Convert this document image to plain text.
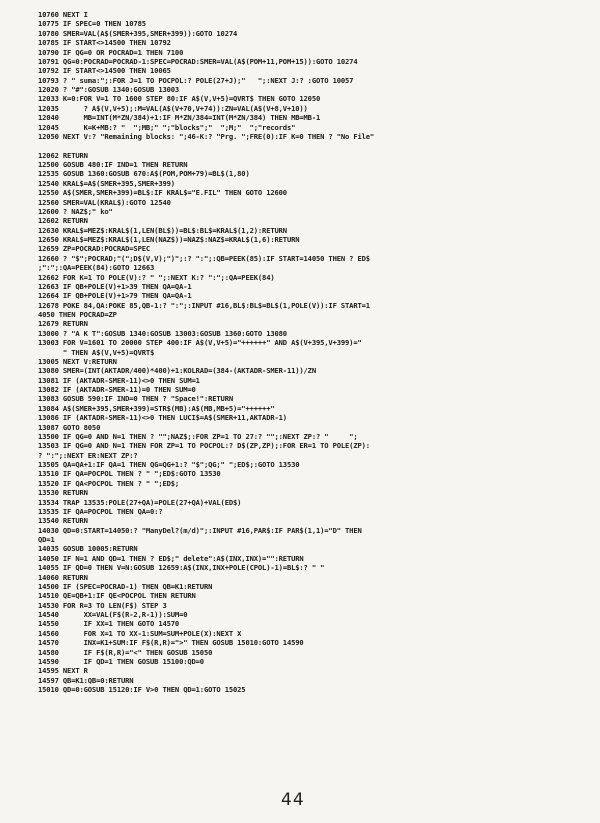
10760 NEXT I
10775 IF SPEC=0 THEN 10785
10780 SMER=VAL(A$(SMER+395,SMER+399)):GOTO 10274
10785 IF START<>14500 THEN 10792
10790 IF QG=0 OR POCRAD=1 THEN 7100
10791 QG=0:POCRAD=POCRAD-1:SPEC=POCRAD:SMER=VAL(A$(POM+11,POM+15)):GOTO 10274
10792 IF START<>14500 THEN 10065
10793 ? " suma:";:FOR J=1 TO POCPOL:? POLE(27+J);"   ";:NEXT J:? :GOTO 10057
12020 ? "#":GOSUB 1340:GOSUB 13003
12033 K=0:FOR V=1 TO 1600 STEP 80:IF A$(V,V+5)=QVRT$ THEN GOTO 12050
12035      ? A$(V,V+5);:M=VAL(A$(V+70,V+74)):ZN=VAL(A$(V+8,V+10))
12040      MB=INT(M*ZN/384)+1:IF M*ZN/384=INT(M*ZN/384) THEN MB=MB-1
12045      K=K+MB:? "  ";MB;" ";"blocks";"  ";M;"  ";"records"
12050 NEXT V:? "Remaining blocks: ";46-K:? "Prg. ";FRE(0):IF K=0 THEN ? "No File"
12062 RETURN
12500 GOSUB 480:IF IND=1 THEN RETURN
12535 GOSUB 1360:GOSUB 670:A$(POM,POM+79)=BL$(1,80)
12540 KRAL$=A$(SMER+395,SMER+399)
12550 A$(SMER,SMER+399)=BL$:IF KRAL$="E.FIL" THEN GOTO 12600
12560 SMER=VAL(KRAL$):GOTO 12540
12600 ? NAZ$;" ko"
12602 RETURN
12630 KRAL$=MEZ$:KRAL$(1,LEN(BL$))=BL$:BL$=KRAL$(1,2):RETURN
12650 KRAL$=MEZ$:KRAL$(1,LEN(NAZ$))=NAZ$:NAZ$=KRAL$(1,6):RETURN
12659 ZP=POCRAD:POCRAD=SPEC
12660 ? "$";POCRAD;"(";D$(V,V);")";:? ":";:QB=PEEK(85):IF START=14050 THEN ? ED$
;":";:QA=PEEK(84):GOTO 12663
12662 FOR K=1 TO POLE(V):? " ";:NEXT K:? ":";:QA=PEEK(84)
12663 IF QB+POLE(V)+1>39 THEN QA=QA-1
12664 IF QB+POLE(V)+1>79 THEN QA=QA-1
12678 POKE 84,QA:POKE 85,QB-1:? ":";:INPUT #16,BL$:BL$=BL$(1,POLE(V)):IF START=1
4050 THEN POCRAD=ZP
12679 RETURN
13000 ? "A K T":GOSUB 1340:GOSUB 13003:GOSUB 1360:GOTO 13080
13003 FOR V=1601 TO 20000 STEP 400:IF A$(V,V+5)="++++++" AND A$(V+395,V+399)="
" THEN A$(V,V+5)=QVRT$
13005 NEXT V:RETURN
13080 SMER=(INT(AKTADR/400)*400)+1:KOLRAD=(384-(AKTADR-SMER-11))/ZN
13081 IF (AKTADR-SMER-11)<>0 THEN SUM=1
13082 IF (AKTADR-SMER-11)=0 THEN SUM=0
13083 GOSUB 590:IF IND=0 THEN ? "Space!":RETURN
13084 A$(SMER+395,SMER+399)=STR$(MB):A$(MB,MB+5)="++++++"
13086 IF (AKTADR-SMER-11)<>0 THEN LUCI$=A$(SMER+11,AKTADR-1)
13087 GOTO 8050
13500 IF QG=0 AND N=1 THEN ? "";NAZ$;:FOR ZP=1 TO 27:? "";:NEXT ZP:? "     ";
13503 IF QG=0 AND N=1 THEN FOR ZP=1 TO POCPOL:? D$(ZP,ZP);:FOR ER=1 TO POLE(ZP):
? ":";:NEXT ER:NEXT ZP:?
13505 QA=QA+1:IF QA=1 THEN QG=QG+1:? "$";QG;" ";ED$;:GOTO 13530
13510 IF QA=POCPOL THEN ? " ";ED$:GOTO 13530
13520 IF QA<POCPOL THEN ? " ";ED$;
13530 RETURN
13534 TRAP 13535:POLE(27+QA)=POLE(27+QA)+VAL(ED$)
13535 IF QA=POCPOL THEN QA=0:?
13540 RETURN
14030 QD=0:START=14050:? "ManyDel?(m/d)";:INPUT #16,PAR$:IF PAR$(1,1)="D" THEN
QD=1
14035 GOSUB 10005:RETURN
14050 IF N=1 AND QD=1 THEN ? ED$;" delete":A$(INX,INX)="":RETURN
14055 IF QD=0 THEN V=N:GOSUB 12659:A$(INX,INX+POLE(CPOL)-1)=BL$:? " "
14060 RETURN
14500 IF (SPEC=POCRAD-1) THEN QB=K1:RETURN
14510 QE=QB+1:IF QE<POCPOL THEN RETURN
14530 FOR R=3 TO LEN(F$) STEP 3
14540      XX=VAL(F$(R-2,R-1)):SUM=0
14550      IF XX=1 THEN GOTO 14570
14560      FOR X=1 TO XX-1:SUM=SUM+POLE(X):NEXT X
14570      INX=K1+SUM:IF F$(R,R)=">" THEN GOSUB 15010:GOTO 14590
14580      IF F$(R,R)="<" THEN GOSUB 15050
14590      IF QD=1 THEN GOSUB 15100:QD=0
14595 NEXT R
14597 QB=K1:QB=0:RETURN
15010 QD=0:GOSUB 15120:IF V>0 THEN QD=1:GOTO 15025
44
